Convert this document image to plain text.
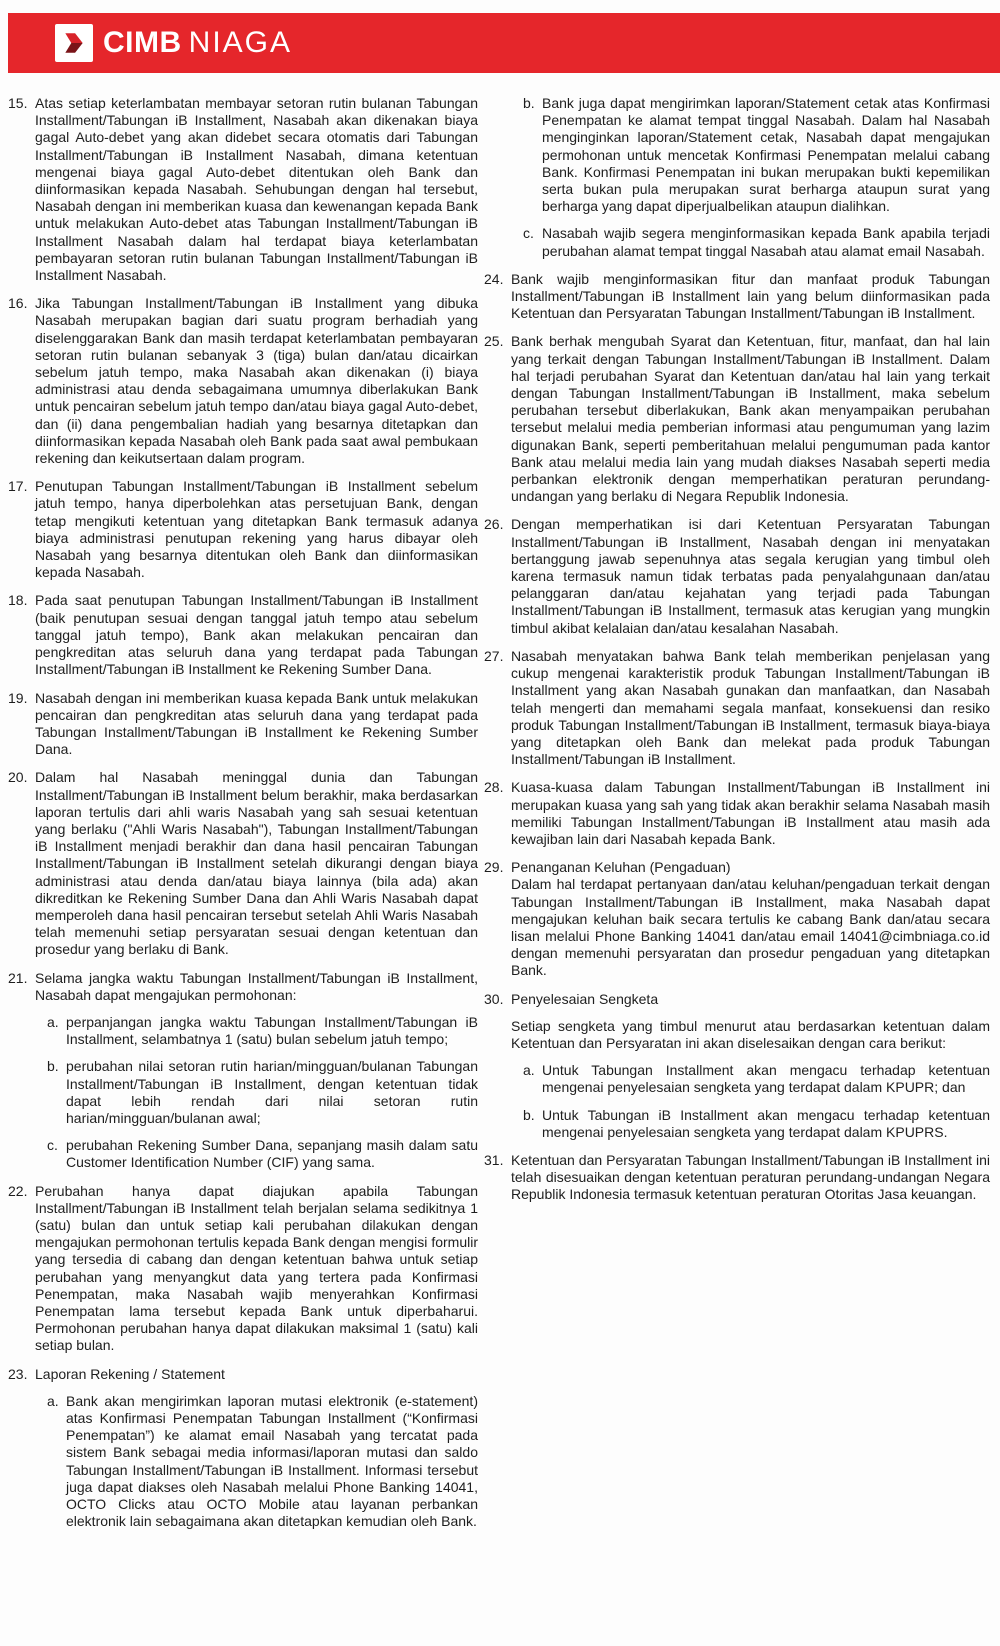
CIMB NIAGA
15. Atas setiap keterlambatan membayar setoran rutin bulanan Tabungan Installment/Tabungan iB Installment, Nasabah akan dikenakan biaya gagal Auto-debet yang akan didebet secara otomatis dari Tabungan Installment/Tabungan iB Installment Nasabah, dimana ketentuan mengenai biaya gagal Auto-debet ditentukan oleh Bank dan diinformasikan kepada Nasabah. Sehubungan dengan hal tersebut, Nasabah dengan ini memberikan kuasa dan kewenangan kepada Bank untuk melakukan Auto-debet atas Tabungan Installment/Tabungan iB Installment Nasabah dalam hal terdapat biaya keterlambatan pembayaran setoran rutin bulanan Tabungan Installment/Tabungan iB Installment Nasabah.
16. Jika Tabungan Installment/Tabungan iB Installment yang dibuka Nasabah merupakan bagian dari suatu program berhadiah yang diselenggarakan Bank dan masih terdapat keterlambatan pembayaran setoran rutin bulanan sebanyak 3 (tiga) bulan dan/atau dicairkan sebelum jatuh tempo, maka Nasabah akan dikenakan (i) biaya administrasi atau denda sebagaimana umumnya diberlakukan Bank untuk pencairan sebelum jatuh tempo dan/atau biaya gagal Auto-debet, dan (ii) dana pengembalian hadiah yang besarnya ditetapkan dan diinformasikan kepada Nasabah oleh Bank pada saat awal pembukaan rekening dan keikutsertaan dalam program.
17. Penutupan Tabungan Installment/Tabungan iB Installment sebelum jatuh tempo, hanya diperbolehkan atas persetujuan Bank, dengan tetap mengikuti ketentuan yang ditetapkan Bank termasuk adanya biaya administrasi penutupan rekening yang harus dibayar oleh Nasabah yang besarnya ditentukan oleh Bank dan diinformasikan kepada Nasabah.
18. Pada saat penutupan Tabungan Installment/Tabungan iB Installment (baik penutupan sesuai dengan tanggal jatuh tempo atau sebelum tanggal jatuh tempo), Bank akan melakukan pencairan dan pengkreditan atas seluruh dana yang terdapat pada Tabungan Installment/Tabungan iB Installment ke Rekening Sumber Dana.
19. Nasabah dengan ini memberikan kuasa kepada Bank untuk melakukan pencairan dan pengkreditan atas seluruh dana yang terdapat pada Tabungan Installment/Tabungan iB Installment ke Rekening Sumber Dana.
20. Dalam hal Nasabah meninggal dunia dan Tabungan Installment/Tabungan iB Installment belum berakhir, maka berdasarkan laporan tertulis dari ahli waris Nasabah yang sah sesuai ketentuan yang berlaku ("Ahli Waris Nasabah"), Tabungan Installment/Tabungan iB Installment menjadi berakhir dan dana hasil pencairan Tabungan Installment/Tabungan iB Installment setelah dikurangi dengan biaya administrasi atau denda dan/atau biaya lainnya (bila ada) akan dikreditkan ke Rekening Sumber Dana dan Ahli Waris Nasabah dapat memperoleh dana hasil pencairan tersebut setelah Ahli Waris Nasabah telah memenuhi setiap persyaratan sesuai dengan ketentuan dan prosedur yang berlaku di Bank.
21. Selama jangka waktu Tabungan Installment/Tabungan iB Installment, Nasabah dapat mengajukan permohonan:
a. perpanjangan jangka waktu Tabungan Installment/Tabungan iB Installment, selambatnya 1 (satu) bulan sebelum jatuh tempo;
b. perubahan nilai setoran rutin harian/mingguan/bulanan Tabungan Installment/Tabungan iB Installment, dengan ketentuan tidak dapat lebih rendah dari nilai setoran rutin harian/mingguan/bulanan awal;
c. perubahan Rekening Sumber Dana, sepanjang masih dalam satu Customer Identification Number (CIF) yang sama.
22. Perubahan hanya dapat diajukan apabila Tabungan Installment/Tabungan iB Installment telah berjalan selama sedikitnya 1 (satu) bulan dan untuk setiap kali perubahan dilakukan dengan mengajukan permohonan tertulis kepada Bank dengan mengisi formulir yang tersedia di cabang dan dengan ketentuan bahwa untuk setiap perubahan yang menyangkut data yang tertera pada Konfirmasi Penempatan, maka Nasabah wajib menyerahkan Konfirmasi Penempatan lama tersebut kepada Bank untuk diperbaharui. Permohonan perubahan hanya dapat dilakukan maksimal 1 (satu) kali setiap bulan.
23. Laporan Rekening / Statement
a. Bank akan mengirimkan laporan mutasi elektronik (e-statement) atas Konfirmasi Penempatan Tabungan Installment (“Konfirmasi Penempatan”) ke alamat email Nasabah yang tercatat pada sistem Bank sebagai media informasi/laporan mutasi dan saldo Tabungan Installment/Tabungan iB Installment. Informasi tersebut juga dapat diakses oleh Nasabah melalui Phone Banking 14041, OCTO Clicks atau OCTO Mobile atau layanan perbankan elektronik lain sebagaimana akan ditetapkan kemudian oleh Bank.
b. Bank juga dapat mengirimkan laporan/Statement cetak atas Konfirmasi Penempatan ke alamat tempat tinggal Nasabah. Dalam hal Nasabah menginginkan laporan/Statement cetak, Nasabah dapat mengajukan permohonan untuk mencetak Konfirmasi Penempatan melalui cabang Bank. Konfirmasi Penempatan ini bukan merupakan bukti kepemilikan serta bukan pula merupakan surat berharga ataupun surat yang berharga yang dapat diperjualbelikan ataupun dialihkan.
c. Nasabah wajib segera menginformasikan kepada Bank apabila terjadi perubahan alamat tempat tinggal Nasabah atau alamat email Nasabah.
24. Bank wajib menginformasikan fitur dan manfaat produk Tabungan Installment/Tabungan iB Installment lain yang belum diinformasikan pada Ketentuan dan Persyaratan Tabungan Installment/Tabungan iB Installment.
25. Bank berhak mengubah Syarat dan Ketentuan, fitur, manfaat, dan hal lain yang terkait dengan Tabungan Installment/Tabungan iB Installment. Dalam hal terjadi perubahan Syarat dan Ketentuan dan/atau hal lain yang terkait dengan Tabungan Installment/Tabungan iB Installment, maka sebelum perubahan tersebut diberlakukan, Bank akan menyampaikan perubahan tersebut melalui media pemberian informasi atau pengumuman yang lazim digunakan Bank, seperti pemberitahuan melalui pengumuman pada kantor Bank atau melalui media lain yang mudah diakses Nasabah seperti media perbankan elektronik dengan memperhatikan peraturan perundang-undangan yang berlaku di Negara Republik Indonesia.
26. Dengan memperhatikan isi dari Ketentuan Persyaratan Tabungan Installment/Tabungan iB Installment, Nasabah dengan ini menyatakan bertanggung jawab sepenuhnya atas segala kerugian yang timbul oleh karena termasuk namun tidak terbatas pada penyalahgunaan dan/atau pelanggaran dan/atau kejahatan yang terjadi pada Tabungan Installment/Tabungan iB Installment, termasuk atas kerugian yang mungkin timbul akibat kelalaian dan/atau kesalahan Nasabah.
27. Nasabah menyatakan bahwa Bank telah memberikan penjelasan yang cukup mengenai karakteristik produk Tabungan Installment/Tabungan iB Installment yang akan Nasabah gunakan dan manfaatkan, dan Nasabah telah mengerti dan memahami segala manfaat, konsekuensi dan resiko produk Tabungan Installment/Tabungan iB Installment, termasuk biaya-biaya yang ditetapkan oleh Bank dan melekat pada produk Tabungan Installment/Tabungan iB Installment.
28. Kuasa-kuasa dalam Tabungan Installment/Tabungan iB Installment ini merupakan kuasa yang sah yang tidak akan berakhir selama Nasabah masih memiliki Tabungan Installment/Tabungan iB Installment atau masih ada kewajiban lain dari Nasabah kepada Bank.
29. Penanganan Keluhan (Pengaduan)
Dalam hal terdapat pertanyaan dan/atau keluhan/pengaduan terkait dengan Tabungan Installment/Tabungan iB Installment, maka Nasabah dapat mengajukan keluhan baik secara tertulis ke cabang Bank dan/atau secara lisan melalui Phone Banking 14041 dan/atau email 14041@cimbniaga.co.id dengan memenuhi persyaratan dan prosedur pengaduan yang ditetapkan Bank.
30. Penyelesaian Sengketa
Setiap sengketa yang timbul menurut atau berdasarkan ketentuan dalam Ketentuan dan Persyaratan ini akan diselesaikan dengan cara berikut:
a. Untuk Tabungan Installment akan mengacu terhadap ketentuan mengenai penyelesaian sengketa yang terdapat dalam KPUPR; dan
b. Untuk Tabungan iB Installment akan mengacu terhadap ketentuan mengenai penyelesaian sengketa yang terdapat dalam KPUPRS.
31. Ketentuan dan Persyaratan Tabungan Installment/Tabungan iB Installment ini telah disesuaikan dengan ketentuan peraturan perundang-undangan Negara Republik Indonesia termasuk ketentuan peraturan Otoritas Jasa keuangan.
